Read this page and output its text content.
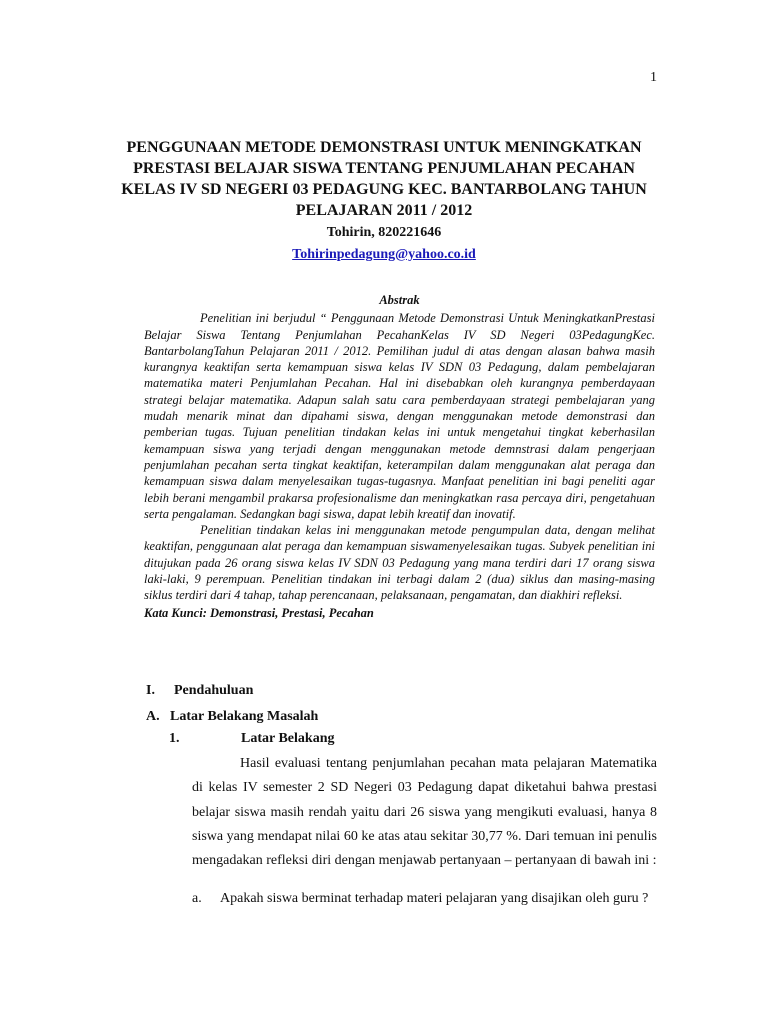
1
PENGGUNAAN METODE DEMONSTRASI UNTUK MENINGKATKAN PRESTASI BELAJAR SISWA TENTANG PENJUMLAHAN PECAHAN KELAS IV SD NEGERI 03 PEDAGUNG KEC. BANTARBOLANG TAHUN PELAJARAN 2011 / 2012
Tohirin, 820221646
Tohirinpedagung@yahoo.co.id
Abstrak

Penelitian ini berjudul “ Penggunaan Metode Demonstrasi Untuk MeningkatkanPrestasi Belajar Siswa Tentang Penjumlahan PecahanKelas IV SD Negeri 03PedagungKec. BantarbolangTahun Pelajaran 2011 / 2012. Pemilihan judul di atas dengan alasan bahwa masih kurangnya keaktifan serta kemampuan siswa kelas IV SDN 03 Pedagung, dalam pembelajaran matematika materi Penjumlahan Pecahan. Hal ini disebabkan oleh kurangnya pemberdayaan strategi belajar matematika. Adapun salah satu cara pemberdayaan strategi pembelajaran yang mudah menarik minat dan dipahami siswa, dengan menggunakan metode demonstrasi dan pemberian tugas. Tujuan penelitian tindakan kelas ini untuk mengetahui tingkat keberhasilan kemampuan siswa yang terjadi dengan menggunakan metode demnstrasi dalam pengerjaan penjumlahan pecahan serta tingkat keaktifan, keterampilan dalam menggunakan alat peraga dan kemampuan siswa dalam menyelesaikan tugas-tugasnya. Manfaat penelitian ini bagi peneliti agar lebih berani mengambil prakarsa profesionalisme dan meningkatkan rasa percaya diri, pengetahuan serta pengalaman. Sedangkan bagi siswa, dapat lebih kreatif dan inovatif.

Penelitian tindakan kelas ini menggunakan metode pengumpulan data, dengan melihat keaktifan, penggunaan alat peraga dan kemampuan siswamenyelesaikan tugas. Subyek penelitian ini ditujukan pada 26 orang siswa kelas IV SDN 03 Pedagung yang mana terdiri dari 17 orang siswa laki-laki, 9 perempuan. Penelitian tindakan ini terbagi dalam 2 (dua) siklus dan masing-masing siklus terdiri dari 4 tahap, tahap perencanaan, pelaksanaan, pengamatan, dan diakhiri refleksi.

Kata Kunci: Demonstrasi, Prestasi, Pecahan
I. Pendahuluan
A. Latar Belakang Masalah
1.	Latar Belakang
Hasil evaluasi tentang penjumlahan pecahan mata pelajaran Matematika di kelas IV semester 2 SD Negeri 03 Pedagung dapat diketahui bahwa prestasi belajar siswa masih rendah yaitu dari 26 siswa yang mengikuti evaluasi, hanya 8 siswa yang mendapat nilai 60 ke atas atau sekitar 30,77 %. Dari temuan ini penulis mengadakan refleksi diri dengan menjawab pertanyaan – pertanyaan di bawah ini :
a. Apakah siswa berminat terhadap materi pelajaran yang disajikan oleh guru ?
